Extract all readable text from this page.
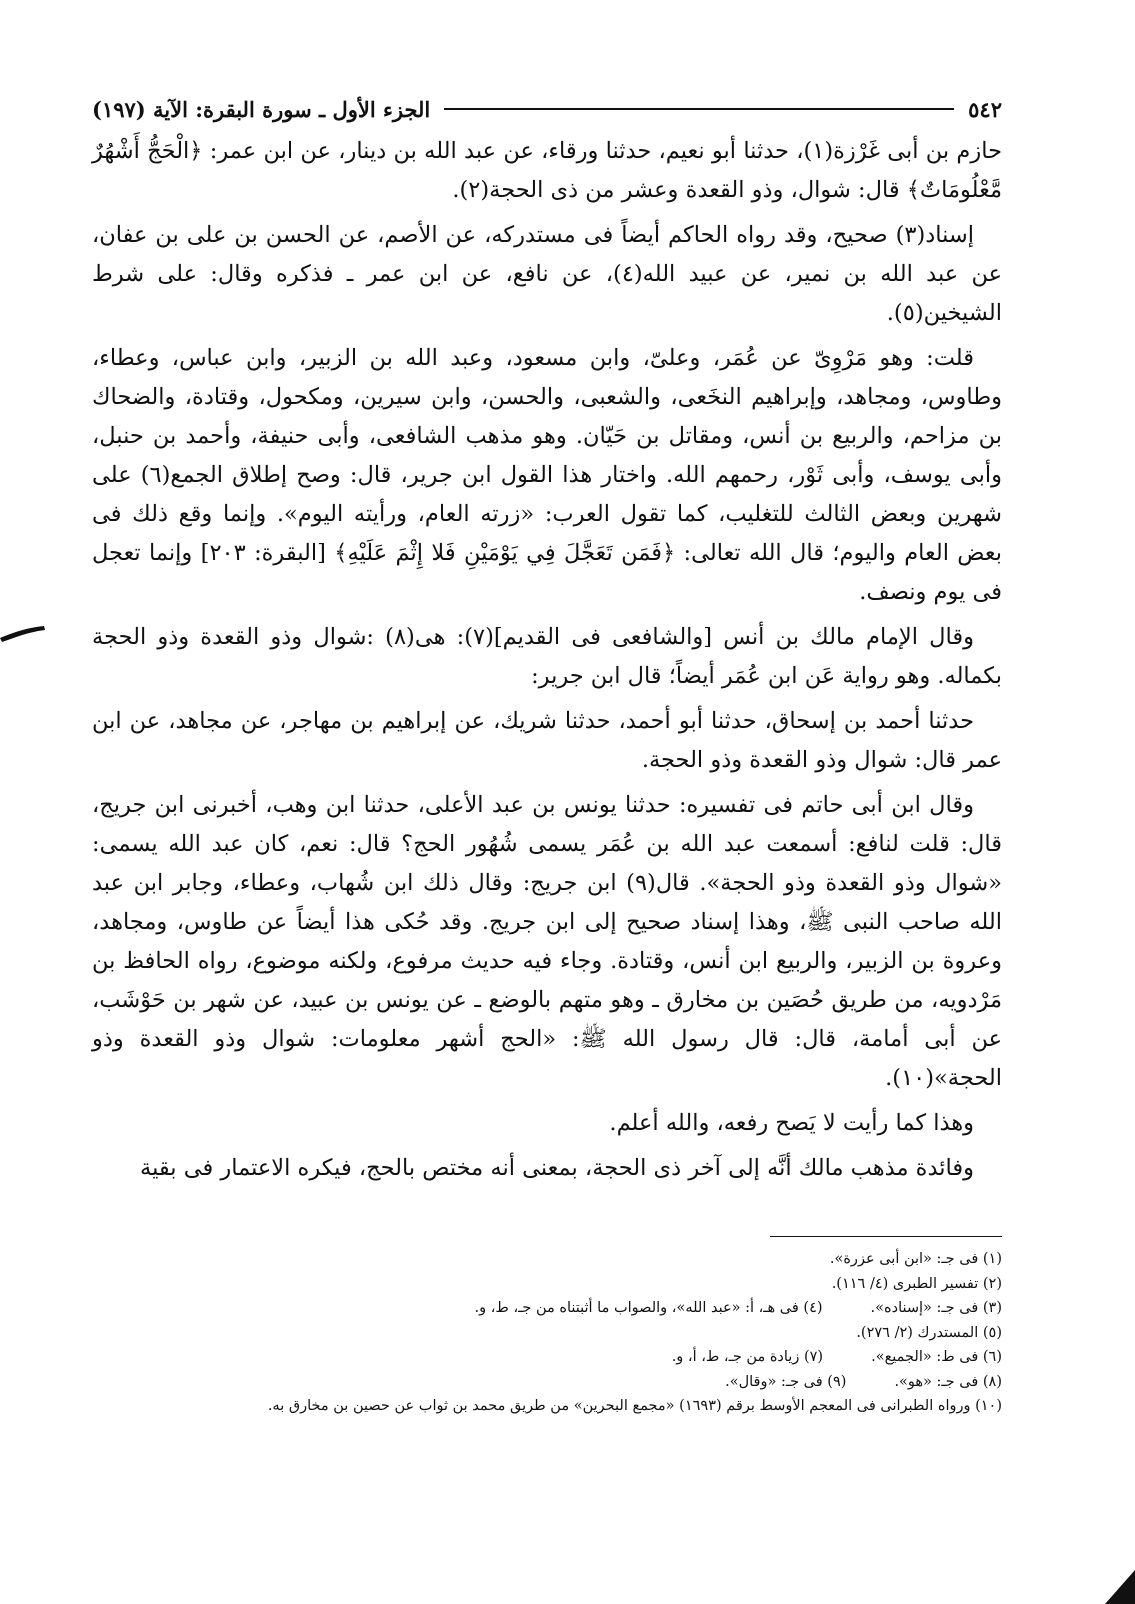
٥٤٢
الجزء الأول ـ سورة البقرة: الآية (١٩٧)

حازم بن أبى غَرْزة(١)، حدثنا أبو نعيم، حدثنا ورقاء، عن عبد الله بن دينار، عن ابن عمر: ﴿الْحَجُّ أَشْهُرٌ مَّعْلُومَاتٌ﴾ قال: شوال، وذو القعدة وعشر من ذى الحجة(٢).

إسناد(٣) صحيح، وقد رواه الحاكم أيضاً فى مستدركه، عن الأصم، عن الحسن بن على بن عفان، عن عبد الله بن نمير، عن عبيد الله(٤)، عن نافع، عن ابن عمر ـ فذكره وقال: على شرط الشيخين(٥).

قلت: وهو مَرْوِىّ عن عُمَر، وعلىّ، وابن مسعود، وعبد الله بن الزبير، وابن عباس، وعطاء، وطاوس، ومجاهد، وإبراهيم النخَعى، والشعبى، والحسن، وابن سيرين، ومكحول، وقتادة، والضحاك بن مزاحم، والربيع بن أنس، ومقاتل بن حَيّان. وهو مذهب الشافعى، وأبى حنيفة، وأحمد بن حنبل، وأبى يوسف، وأبى ثَوْر، رحمهم الله. واختار هذا القول ابن جرير، قال: وصح إطلاق الجمع(٦) على شهرين وبعض الثالث للتغليب، كما تقول العرب: «زرته العام، ورأيته اليوم». وإنما وقع ذلك فى بعض العام واليوم؛ قال الله تعالى: ﴿فَمَن تَعَجَّلَ فِي يَوْمَيْنِ فَلا إِثْمَ عَلَيْهِ﴾ [البقرة: ٢٠٣] وإنما تعجل فى يوم ونصف.

وقال الإمام مالك بن أنس [والشافعى فى القديم](٧): هى(٨) :شوال وذو القعدة وذو الحجة بكماله. وهو رواية عَن ابن عُمَر أيضاً؛ قال ابن جرير:

حدثنا أحمد بن إسحاق، حدثنا أبو أحمد، حدثنا شريك، عن إبراهيم بن مهاجر، عن مجاهد، عن ابن عمر قال: شوال وذو القعدة وذو الحجة.

وقال ابن أبى حاتم فى تفسيره: حدثنا يونس بن عبد الأعلى، حدثنا ابن وهب، أخبرنى ابن جريج، قال: قلت لنافع: أسمعت عبد الله بن عُمَر يسمى شُهُور الحج؟ قال: نعم، كان عبد الله يسمى: «شوال وذو القعدة وذو الحجة». قال(٩) ابن جريج: وقال ذلك ابن شُهاب، وعطاء، وجابر ابن عبد الله صاحب النبى ﷺ، وهذا إسناد صحيح إلى ابن جريج. وقد حُكى هذا أيضاً عن طاوس، ومجاهد، وعروة بن الزبير، والربيع ابن أنس، وقتادة. وجاء فيه حديث مرفوع، ولكنه موضوع، رواه الحافظ بن مَرْدويه، من طريق حُصَين بن مخارق ـ وهو متهم بالوضع ـ عن يونس بن عبيد، عن شهر بن حَوْشَب، عن أبى أمامة، قال: قال رسول الله ﷺ: «الحج أشهر معلومات: شوال وذو القعدة وذو الحجة»(١٠).

وهذا كما رأيت لا يَصح رفعه، والله أعلم.

وفائدة مذهب مالك أنَّه إلى آخر ذى الحجة، بمعنى أنه مختص بالحج، فيكره الاعتمار فى بقية

(١) فى جـ: «ابن أبى عزرة».

(٢) تفسير الطبرى (٤/ ١١٦).

(٣) فى جـ: «إسناده».

(٤) فى هـ، أ: «عبد الله»، والصواب ما أثبتناه من جـ، ط، و.

(٥) المستدرك (٢/ ٢٧٦).

(٦) فى ط: «الجميع».

(٧) زيادة من جـ، ط، أ، و.

(٨) فى جـ: «هو».

(٩) فى جـ: «وقال».

(١٠) ورواه الطبرانى فى المعجم الأوسط برقم (١٦٩٣) «مجمع البحرين» من طريق محمد بن ثواب عن حصين بن مخارق به.
